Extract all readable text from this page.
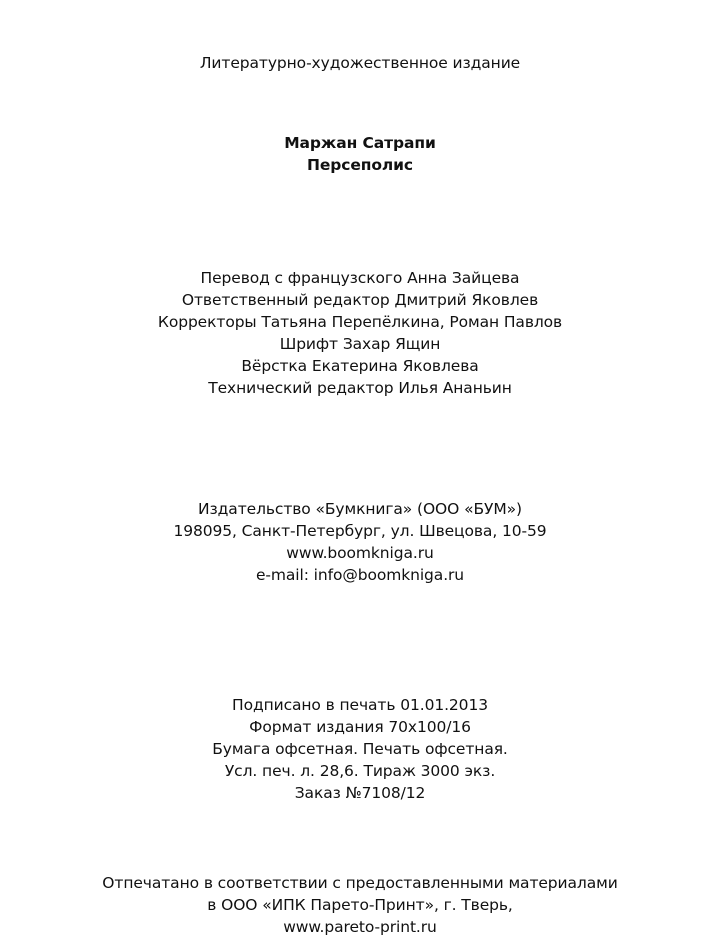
Литературно-художественное издание
Маржан Сатрапи
Персеполис
Перевод с французского Анна Зайцева
Ответственный редактор Дмитрий Яковлев
Корректоры Татьяна Перепёлкина, Роман Павлов
Шрифт Захар Ящин
Вёрстка Екатерина Яковлева
Технический редактор Илья Ананьин
Издательство «Бумкнига» (ООО «БУМ»)
198095, Санкт-Петербург, ул. Швецова, 10-59
www.boomkniga.ru
e-mail: info@boomkniga.ru
Подписано в печать 01.01.2013
Формат издания 70x100/16
Бумага офсетная. Печать офсетная.
Усл. печ. л. 28,6. Тираж 3000 экз.
Заказ №7108/12
Отпечатано в соответствии с предоставленными материалами
в ООО «ИПК Парето-Принт», г. Тверь,
www.pareto-print.ru
